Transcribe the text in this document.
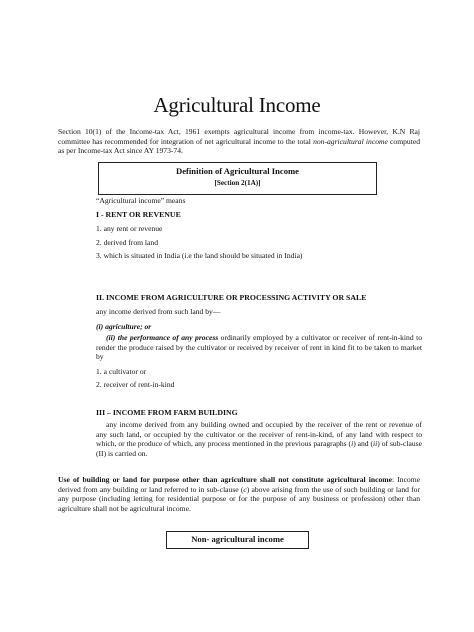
Agricultural Income
Section 10(1) of the Income-tax Act, 1961 exempts agricultural income from income-tax. However, K.N Raj committee has recommended for integration of net agricultural income to the total non-agricultural income computed as per Income-tax Act since AY 1973-74.
Definition of Agricultural Income
[Section 2(1A)]
“Agricultural income” means
I - RENT OR REVENUE
1. any rent or revenue
2. derived from land
3. which is situated in India (i.e the land should be situated in India)
II. INCOME FROM AGRICULTURE OR PROCESSING ACTIVITY OR SALE
any income derived from such land by—
(i) agriculture; or
(ii) the performance of any process ordinarily employed by a cultivator or receiver of rent-in-kind to render the produce raised by the cultivator or received by receiver of rent in kind fit to be taken to market by
1. a cultivator or
2. receiver of rent-in-kind
III – INCOME FROM FARM BUILDING
any income derived from any building owned and occupied by the receiver of the rent or revenue of any such land, or occupied by the cultivator or the receiver of rent-in-kind, of any land with respect to which, or the produce of which, any process mentioned in the previous paragraphs (i) and (ii) of sub-clause (II) is carried on.
Use of building or land for purpose other than agriculture shall not constitute agricultural income: Income derived from any building or land referred to in sub-clause (c) above arising from the use of such building or land for any purpose (including letting for residential purpose or for the purpose of any business or profession) other than agriculture shall not be agricultural income.
Non- agricultural income
